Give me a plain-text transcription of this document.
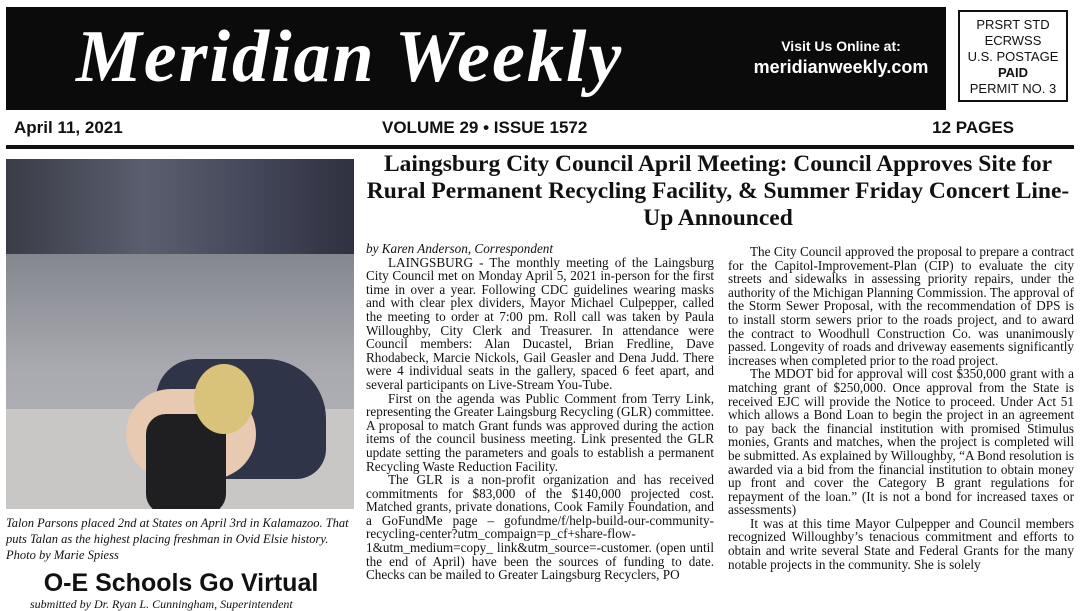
Meridian Weekly	Visit Us Online at:
meridianweekly.com
PRSRT STD
ECRWSS
U.S. POSTAGE
PAID
PERMIT NO. 3
April 11, 2021	VOLUME 29 • ISSUE 1572	12 PAGES
Talon Parsons placed 2nd at States on April 3rd in Kalamazoo. That puts Talan as the highest placing freshman in Ovid Elsie history. Photo by Marie Spiess
O-E Schools Go Virtual
submitted by Dr. Ryan L. Cunningham, Superintendent
Laingsburg City Council April Meeting: Council Approves Site for Rural Permanent Recycling Facility, & Summer Friday Concert Line-Up Announced

by Karen Anderson, Correspondent

LAINGSBURG - The monthly meeting of the Laingsburg City Council met on Monday April 5, 2021 in-person for the first time in over a year. Following CDC guidelines wearing masks and with clear plex dividers, Mayor Michael Culpepper, called the meeting to order at 7:00 pm. Roll call was taken by Paula Willoughby, City Clerk and Treasurer. In attendance were Council members: Alan Ducastel, Brian Fredline, Dave Rhodabeck, Marcie Nickols, Gail Geasler and Dena Judd. There were 4 individual seats in the gallery, spaced 6 feet apart, and several participants on Live-Stream You-Tube.

First on the agenda was Public Comment from Terry Link, representing the Greater Laingsburg Recycling (GLR) committee. A proposal to match Grant funds was approved during the action items of the council business meeting. Link presented the GLR update setting the parameters and goals to establish a permanent Recycling Waste Reduction Facility.

The GLR is a non-profit organization and has received commitments for $83,000 of the $140,000 projected cost. Matched grants, private donations, Cook Family Foundation, and a GoFundMe page – gofundme/f/help-build-our-community-recycling-center?utm_compaign=p_cf+share-flow-1&utm_medium=copy_ link&utm_source=-customer. (open until the end of April) have been the sources of funding to date. Checks can be mailed to Greater Laingsburg Recyclers, PO

The City Council approved the proposal to prepare a contract for the Capitol-Improvement-Plan (CIP) to evaluate the city streets and sidewalks in assessing priority repairs, under the authority of the Michigan Planning Commission. The approval of the Storm Sewer Proposal, with the recommendation of DPS is to install storm sewers prior to the roads project, and to award the contract to Woodhull Construction Co. was unanimously passed. Longevity of roads and driveway easements significantly increases when completed prior to the road project.

The MDOT bid for approval will cost $350,000 grant with a matching grant of $250,000. Once approval from the State is received EJC will provide the Notice to proceed. Under Act 51 which allows a Bond Loan to begin the project in an agreement to pay back the financial institution with promised Stimulus monies, Grants and matches, when the project is completed will be submitted. As explained by Willoughby, “A Bond resolution is awarded via a bid from the financial institution to obtain money up front and cover the Category B grant regulations for repayment of the loan.” (It is not a bond for increased taxes or assessments)

It was at this time Mayor Culpepper and Council members recognized Willoughby’s tenacious commitment and efforts to obtain and write several State and Federal Grants for the many notable projects in the community. She is solely
